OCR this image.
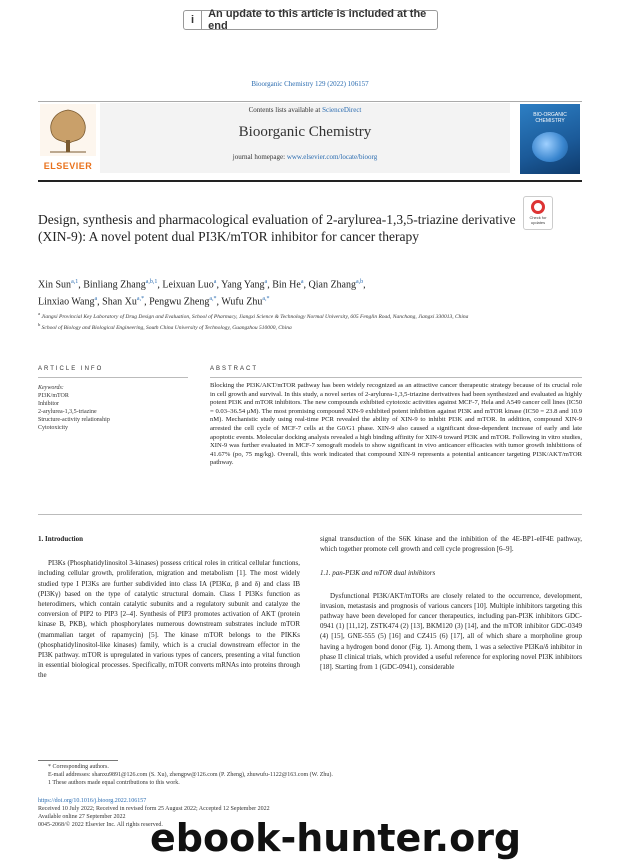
i	An update to this article is included at the end
Bioorganic Chemistry 129 (2022) 106157
ELSEVIER
Contents lists available at ScienceDirect
Bioorganic Chemistry
journal homepage: www.elsevier.com/locate/bioorg
BIO-ORGANIC CHEMISTRY
Check for updates
Design, synthesis and pharmacological evaluation of 2-arylurea-1,3,5-triazine derivative (XIN-9): A novel potent dual PI3K/mTOR inhibitor for cancer therapy
Xin Sun$^{a,1}$, Binliang Zhang$^{a,b,1}$, Leixuan Luo$^a$, Yang Yang$^a$, Bin He$^a$, Qian Zhang$^{a,b}$,
Linxiao Wang$^a$, Shan $Xu^{a,*}$, Pengwu Zheng$^{a,*}$, Wufu Zhu$^{a,*}$
$^a$ Jiangxi Provincial Key Laboratory of Drug Design and Evaluation, School of Pharmacy, Jiangxi Science & Technology Normal University, 605 Fenglin Road, Nanchang, Jiangxi 330013, China
$^b$ School of Biology and Biological Engineering, South China University of Technology, Guangzhou 510000, China
ARTICLE INFO	ABSTRACT
Keywords:
PI3K/mTOR
Inhibitor
2-arylurea-1,3,5-triazine
Structure-activity relationship
Cytotoxicity
Blocking the PI3K/AKT/mTOR pathway has been widely recognized as an attractive cancer therapeutic strategy because of its crucial role in cell growth and survival. In this study, a novel series of 2-arylurea-1,3,5-triazine derivatives had been synthesized and evaluated as highly potent PI3K and mTOR inhibitors. The new compounds exhibited cytotoxic activities against MCF-7, Hela and A549 cancer cell lines (IC50 = 0.03–36.54 μM). The most promising compound XIN-9 exhibited potent inhibition against PI3K and mTOR kinase (IC50 = 23.8 and 10.9 nM). Mechanistic study using real-time PCR revealed the ability of XIN-9 to inhibit PI3K and mTOR. In addition, compound XIN-9 arrested the cell cycle of MCF-7 cells at the G0/G1 phase. XIN-9 also caused a significant dose-dependent increase of early and late apoptotic events. Molecular docking analysis revealed a high binding affinity for XIN-9 toward PI3K and mTOR. Following in vitro studies, XIN-9 was further evaluated in MCF-7 xenograft models to show significant in vivo anticancer efficacies with tumor growth inhibitions of 41.67% (po, 75 mg/kg). Overall, this work indicated that compound XIN-9 represents a potential anticancer targeting PI3K/AKT/mTOR pathway.
1. Introduction

PI3Ks (Phosphatidylinositol 3-kinases) possess critical roles in critical cellular functions, including cellular growth, proliferation, migration and metabolism [1]. The most widely studied type I PI3Ks are further subdivided into class IA (PI3Kα, β and δ) and class IB (PI3Kγ) based on the type of catalytic structural domain. Class I PI3Ks function as heterodimers, which contain catalytic subunits and a regulatory subunit and catalyze the conversion of PIP2 to PIP3 [2–4]. Synthesis of PIP3 promotes activation of AKT (protein kinase B, PKB), which phosphorylates numerous downstream substrates include mTOR (mammalian target of rapamycin) [5]. The kinase mTOR belongs to the PIKKs (phosphatidylinositol-like kinases) family, which is a crucial downstream effector in the PI3K pathway. mTOR is upregulated in various types of cancers, presenting a vital function in essential biological processes. Specifically, mTOR converts mRNAs into proteins through the

signal transduction of the S6K kinase and the inhibition of the 4E-BP1-eIF4E pathway, which together promote cell growth and cell cycle progression [6–9].

1.1. pan-PI3K and mTOR dual inhibitors

Dysfunctional PI3K/AKT/mTORs are closely related to the occurrence, development, invasion, metastasis and prognosis of various cancers [10]. Multiple inhibitors targeting this pathway have been developed for cancer therapeutics, including pan-PI3K inhibitors GDC-0941 (1) [11,12], ZSTK474 (2) [13], BKM120 (3) [14], and the mTOR inhibitor GDC-0349 (4) [15], GNE-555 (5) [16] and CZ415 (6) [17], all of which share a morpholine group having a hydrogen bond donor (Fig. 1). Among them, 1 was a selective PI3Kα/δ inhibitor in phase II clinical trials, which provided a useful reference for exploring novel PI3K inhibitors [18]. Starting from 1 (GDC-0941), considerable

* Corresponding authors.
E-mail addresses: shanxu9891@126.com (S. Xu), zhengpw@126.com (P. Zheng), zhuwufu-1122@163.com (W. Zhu).
1 These authors made equal contributions to this work.
https://doi.org/10.1016/j.bioorg.2022.106157
Received 10 July 2022; Received in revised form 25 August 2022; Accepted 12 September 2022
Available online 27 September 2022
0045-2068/© 2022 Elsevier Inc. All rights reserved.
ebook-hunter.org
